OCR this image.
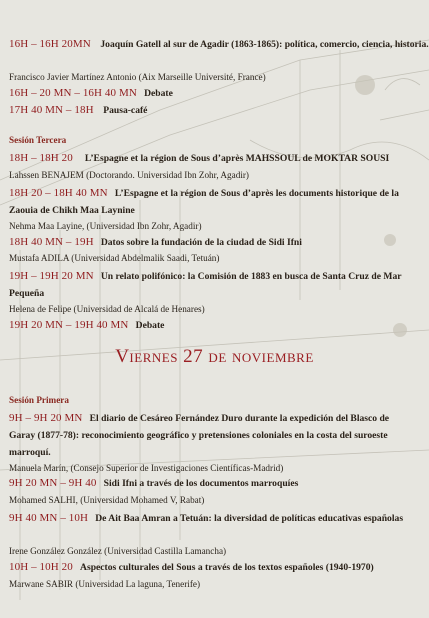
16H – 16H 20MN Joaquín Gatell al sur de Agadir (1863-1865): política, comercio, ciencia, historia.
Francisco Javier Martínez Antonio (Aix Marseille Université, France)
16H – 20 MN – 16H 40 MN Debate
17H 40 MN – 18H Pausa-café
Sesión Tercera
18H – 18H 20 L’Espagne et la région de Sous d’après MAHSSOUL de MOKTAR SOUSI
Lahssen BENAJEM (Doctorando. Universidad Ibn Zohr, Agadir)
18H 20 – 18H 40 MN L’Espagne et la région de Sous d’après les documents historique de la Zaouia de Chikh Maa Laynine
Nehma Maa Layine, (Universidad Ibn Zohr, Agadir)
18H 40 MN – 19H Datos sobre la fundación de la ciudad de Sidi Ifni
Mustafa ADILA (Universidad Abdelmalik Saadi, Tetuán)
19H – 19H 20 MN Un relato polifónico: la Comisión de 1883 en busca de Santa Cruz de Mar Pequeña
Helena de Felipe (Universidad de Alcalá de Henares)
19H 20 MN – 19H 40 MN Debate
Viernes 27 de noviembre
Sesión Primera
9H – 9H 20 MN El diario de Cesáreo Fernández Duro durante la expedición del Blasco de Garay (1877-78): reconocimiento geográfico y pretensiones coloniales en la costa del suroeste marroquí.
Manuela Marín, (Consejo Superior de Investigaciones Científicas-Madrid)
9H 20 MN – 9H 40 Sidi Ifni a través de los documentos marroquíes
Mohamed SALHI, (Universidad Mohamed V, Rabat)
9H 40 MN – 10H De Ait Baa Amran a Tetuán: la diversidad de políticas educativas españolas
Irene González González (Universidad Castilla Lamancha)
10H – 10H 20 Aspectos culturales del Sous a través de los textos españoles (1940-1970)
Marwane SABIR (Universidad La laguna, Tenerife)
